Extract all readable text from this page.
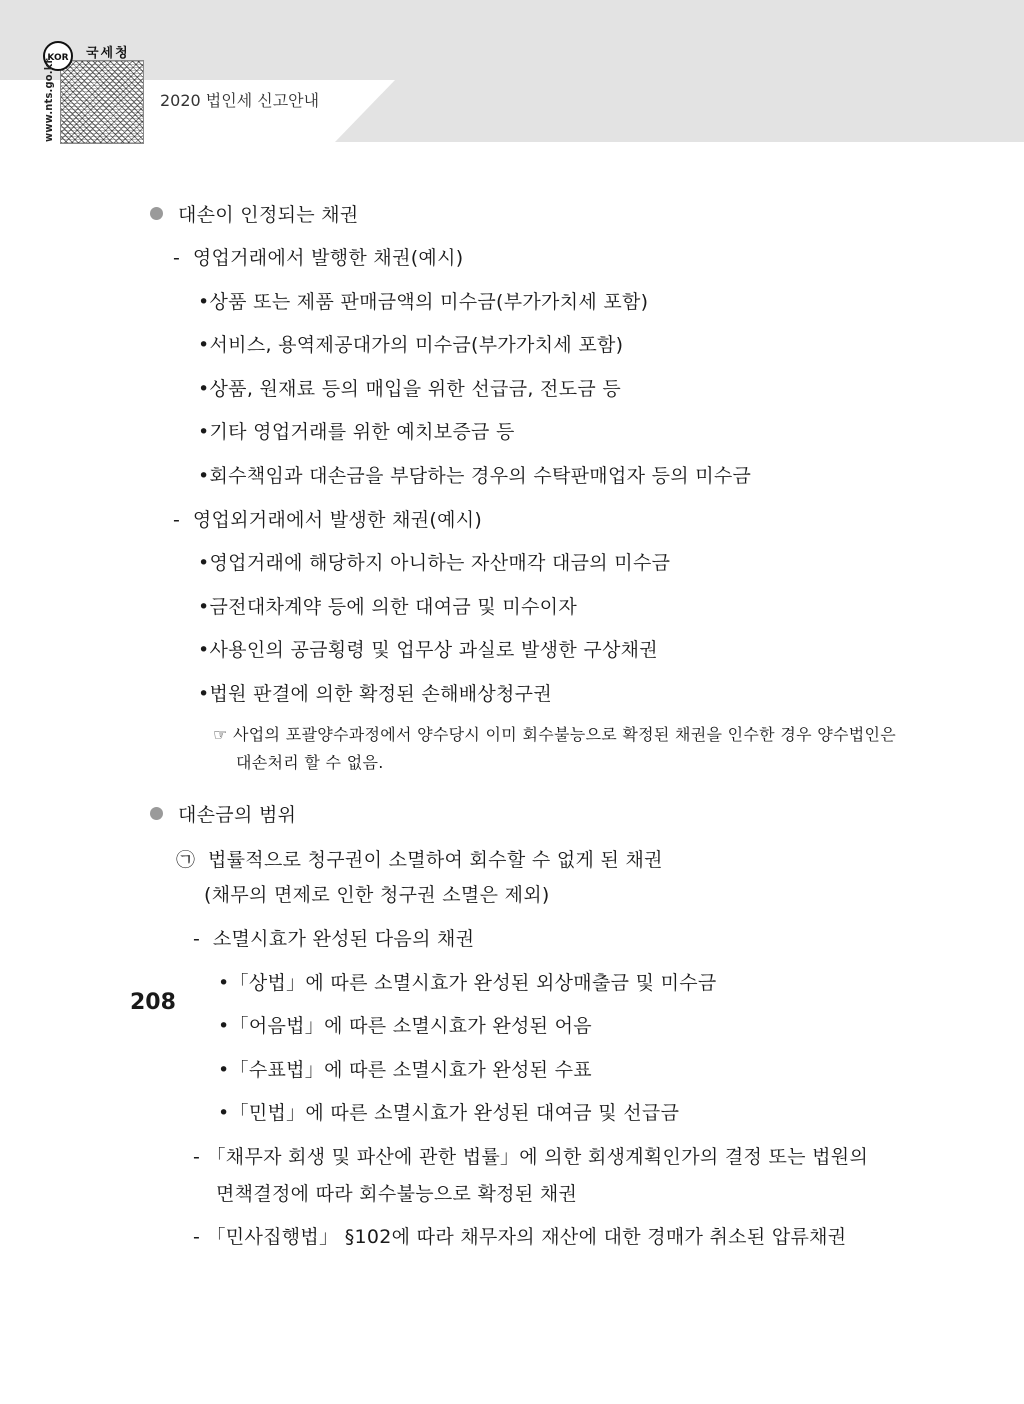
KOR 국세청
www.nts.go.kr	2020 법인세 신고안내
대손이 인정되는 채권
- 영업거래에서 발행한 채권(예시)
•상품 또는 제품 판매금액의 미수금(부가가치세 포함)
•서비스, 용역제공대가의 미수금(부가가치세 포함)
•상품, 원재료 등의 매입을 위한 선급금, 전도금 등
•기타 영업거래를 위한 예치보증금 등
•회수책임과 대손금을 부담하는 경우의 수탁판매업자 등의 미수금
- 영업외거래에서 발생한 채권(예시)
•영업거래에 해당하지 아니하는 자산매각 대금의 미수금
•금전대차계약 등에 의한 대여금 및 미수이자
•사용인의 공금횡령 및 업무상 과실로 발생한 구상채권
•법원 판결에 의한 확정된 손해배상청구권
☞ 사업의 포괄양수과정에서 양수당시 이미 회수불능으로 확정된 채권을 인수한 경우 양수법인은
대손처리 할 수 없음.
대손금의 범위
㉠ 법률적으로 청구권이 소멸하여 회수할 수 없게 된 채권
(채무의 면제로 인한 청구권 소멸은 제외)
- 소멸시효가 완성된 다음의 채권
•「상법」에 따른 소멸시효가 완성된 외상매출금 및 미수금
•「어음법」에 따른 소멸시효가 완성된 어음
•「수표법」에 따른 소멸시효가 완성된 수표
•「민법」에 따른 소멸시효가 완성된 대여금 및 선급금
- 「채무자 회생 및 파산에 관한 법률」에 의한 회생계획인가의 결정 또는 법원의
면책결정에 따라 회수불능으로 확정된 채권
- 「민사집행법」 §102에 따라 채무자의 재산에 대한 경매가 취소된 압류채권
208
